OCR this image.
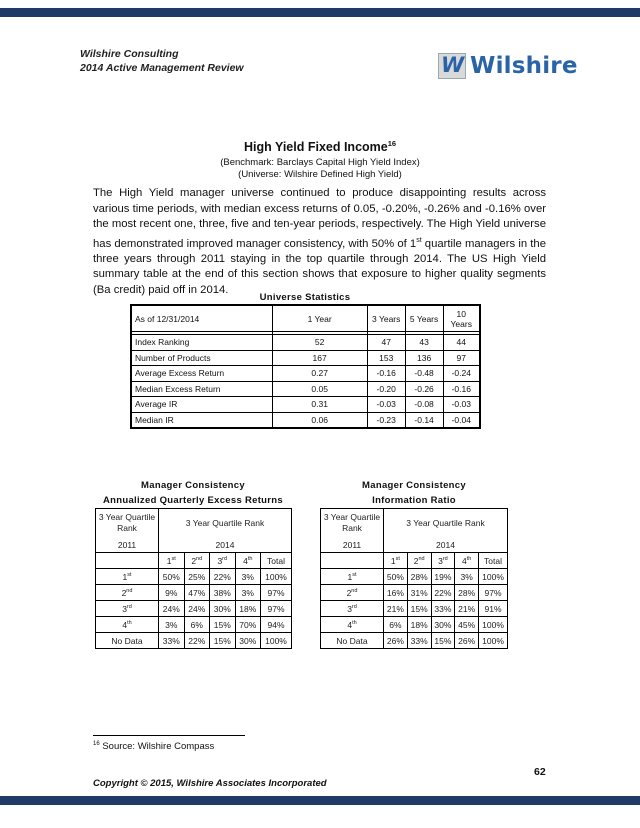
Wilshire Consulting
2014 Active Management Review	W Wilshire
High Yield Fixed Income$^{16}$
(Benchmark: Barclays Capital High Yield Index)
(Universe: Wilshire Defined High Yield)

The High Yield manager universe continued to produce disappointing results across various time periods, with median excess returns of 0.05, -0.20%, -0.26% and -0.16% over the most recent one, three, five and ten-year periods, respectively. The High Yield universe has demonstrated improved manager consistency, with 50% of 1st quartile managers in the three years through 2011 staying in the top quartile through 2014. The US High Yield summary table at the end of this section shows that exposure to higher quality segments (Ba credit) paid off in 2014.

Universe Statistics
As of 12/31/2014	1 Year	3 Years	5 Years	10 Years

Index Ranking	52	47	43	44
Number of Products	167	153	136	97
Average Excess Return	0.27	-0.16	-0.48	-0.24
Median Excess Return	0.05	-0.20	-0.26	-0.16
Average IR	0.31	-0.03	-0.08	-0.03
Median IR	0.06	-0.23	-0.14	-0.04
Manager Consistency
Annualized Quarterly Excess Returns
Manager Consistency
Information Ratio
3 Year Quartile Rank	3 Year Quartile Rank				
2011	2014				
	1st	2nd	3rd	4th	Total
1st	50%	25%	22%	3%	100%
2nd	9%	47%	38%	3%	97%
3rd	24%	24%	30%	18%	97%
4th	3%	6%	15%	70%	94%
No Data	33%	22%	15%	30%	100%
3 Year Quartile Rank	3 Year Quartile Rank				
2011	2014				
	1st	2nd	3rd	4th	Total
1st	50%	28%	19%	3%	100%
2nd	16%	31%	22%	28%	97%
3rd	21%	15%	33%	21%	91%
4th	6%	18%	30%	45%	100%
No Data	26%	33%	15%	26%	100%
$^{16}$ Source: Wilshire Compass
62
Copyright © 2015, Wilshire Associates Incorporated
